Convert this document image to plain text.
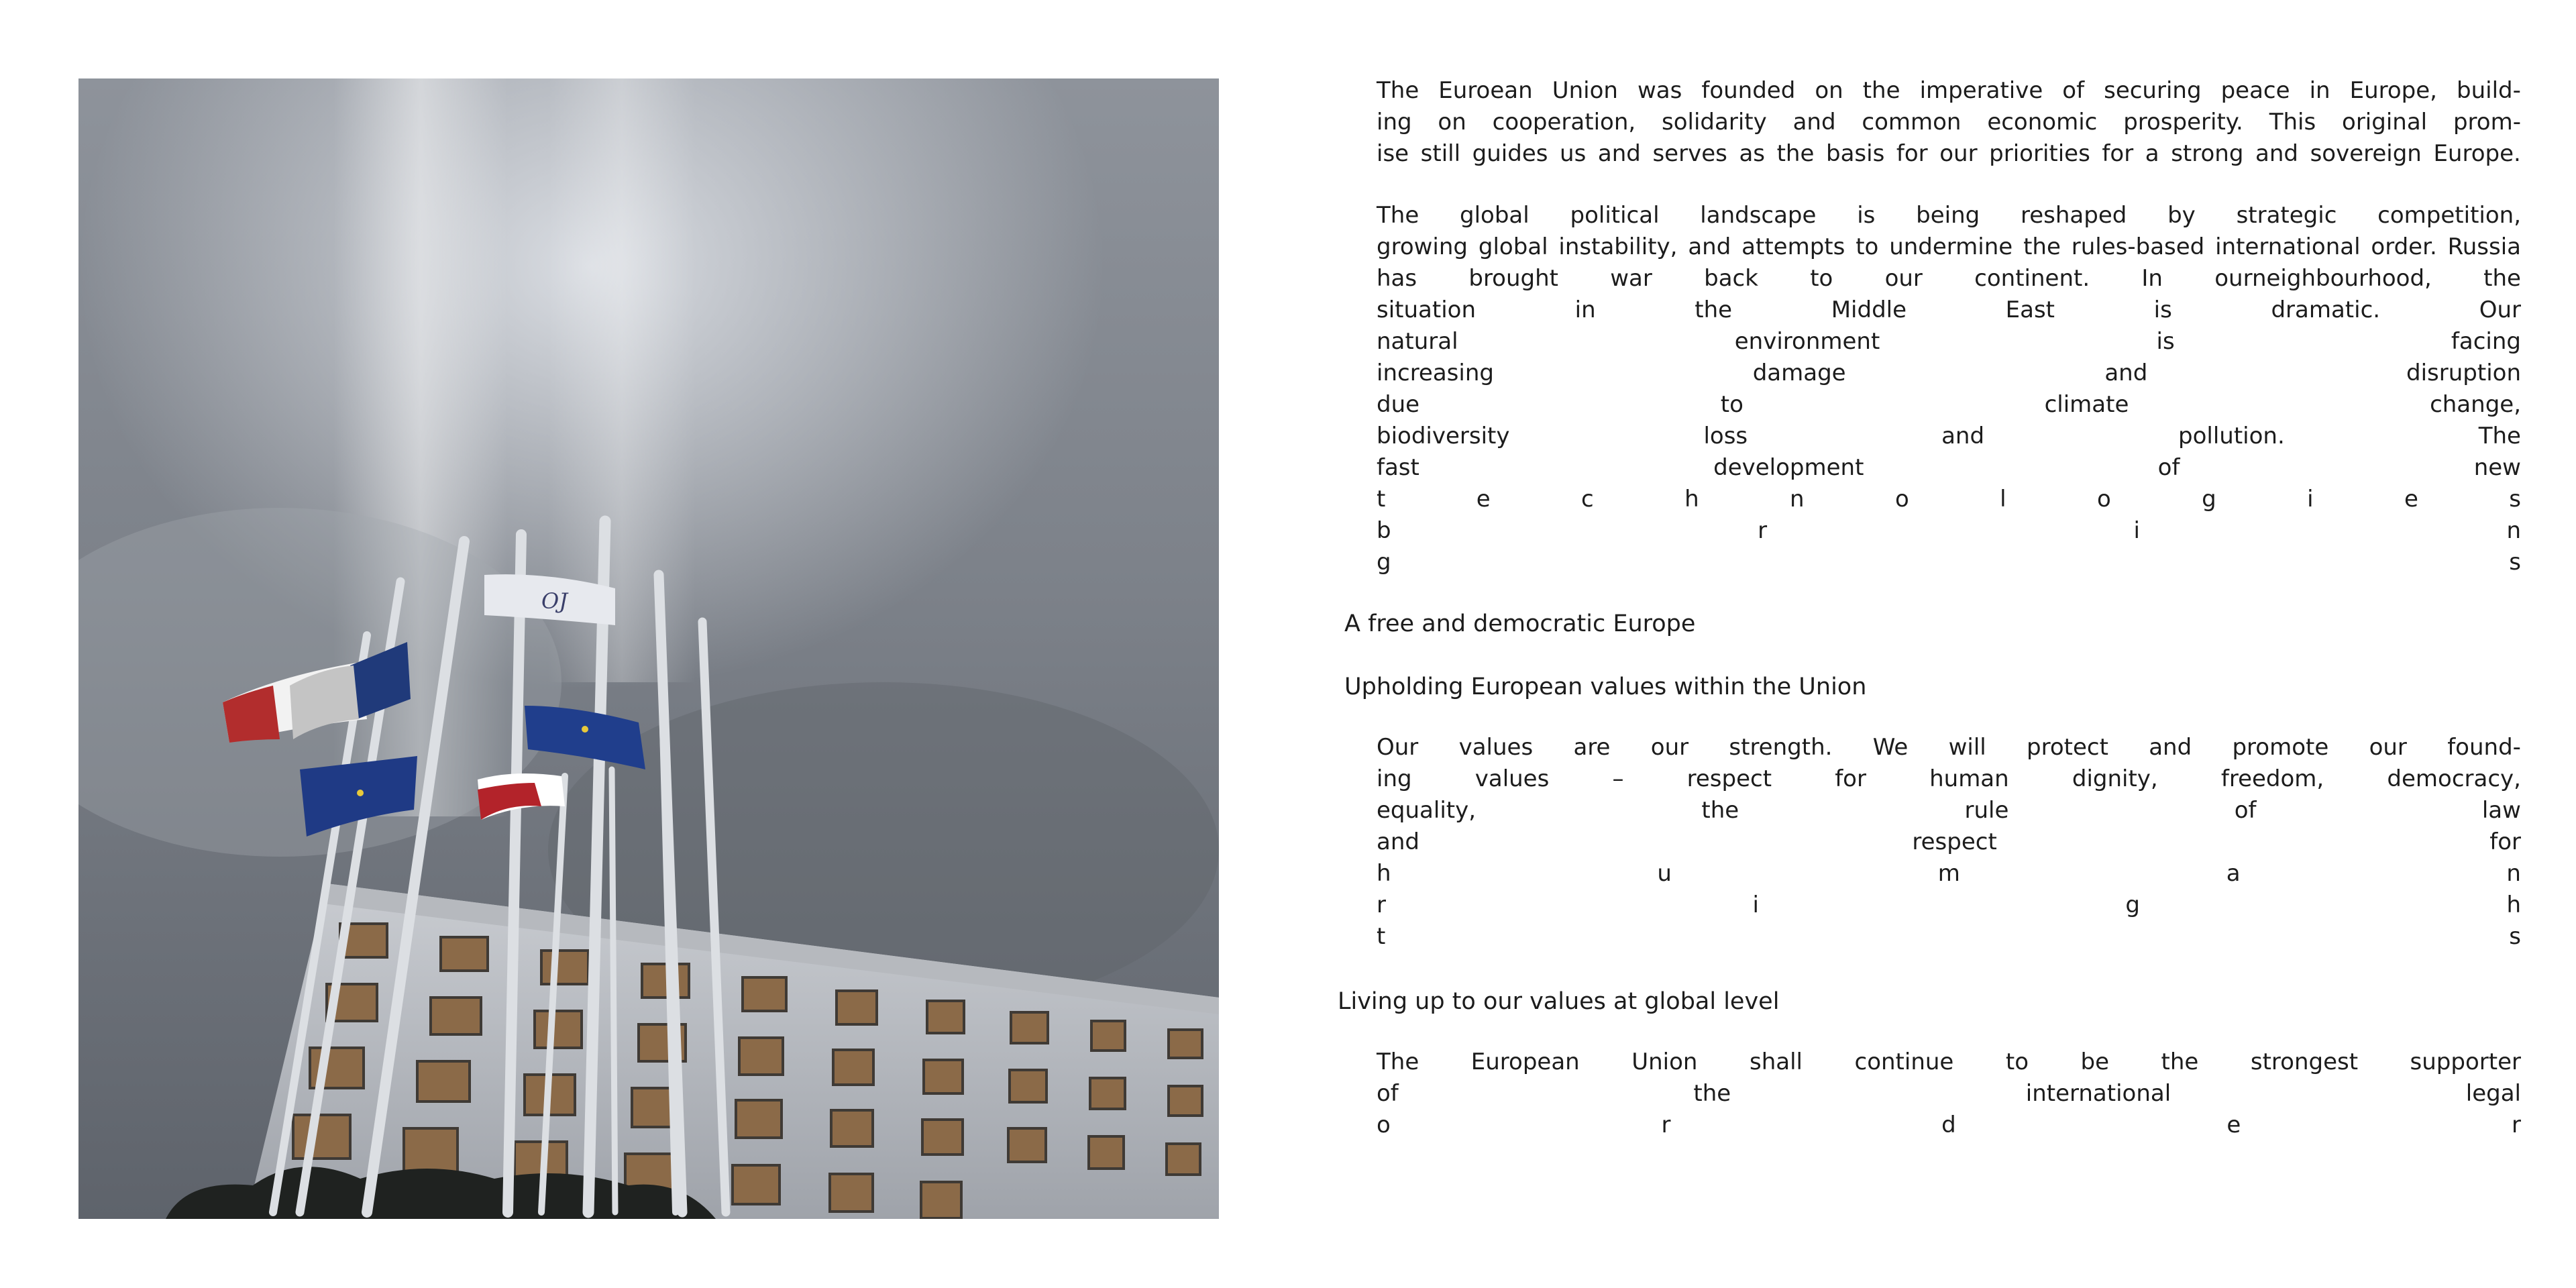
OJ
A free and democratic Europe
Upholding European values within the Union
Living up to our values at global level
The Euroean Union was founded on the imperative of securing peace in Europe, build-
ing on cooperation, solidarity and common economic prosperity. This original prom-
ise still guides us and serves as the basis for our priorities for a strong and sovereign Europe.
The global political landscape is being reshaped by strategic competition,
growing global instability, and attempts to undermine the rules-based international order. Russia
has brought war back to our continent. In ourneighbourhood, the
situation	in	the	Middle	East	is	dramatic.	Our
natural	environment	is	facing
increasing	damage	and	disruption
due	to	climate	change,
biodiversity	loss	and	pollution.	The
fast	development	of	new
t	e	c	h	n	o	l	o	g	i	e	s
b	r	i	n
g	s
Our values are our strength. We will protect and promote our found-
ing	values	–	respect	for	human	dignity,	freedom,	democracy,
equality,	the	rule	of	law
and	respect	for
h	u	m	a	n
r	i	g	h
t	s
The European Union shall continue to be the strongest supporter
of	the	international	legal
o	r	d	e	r
